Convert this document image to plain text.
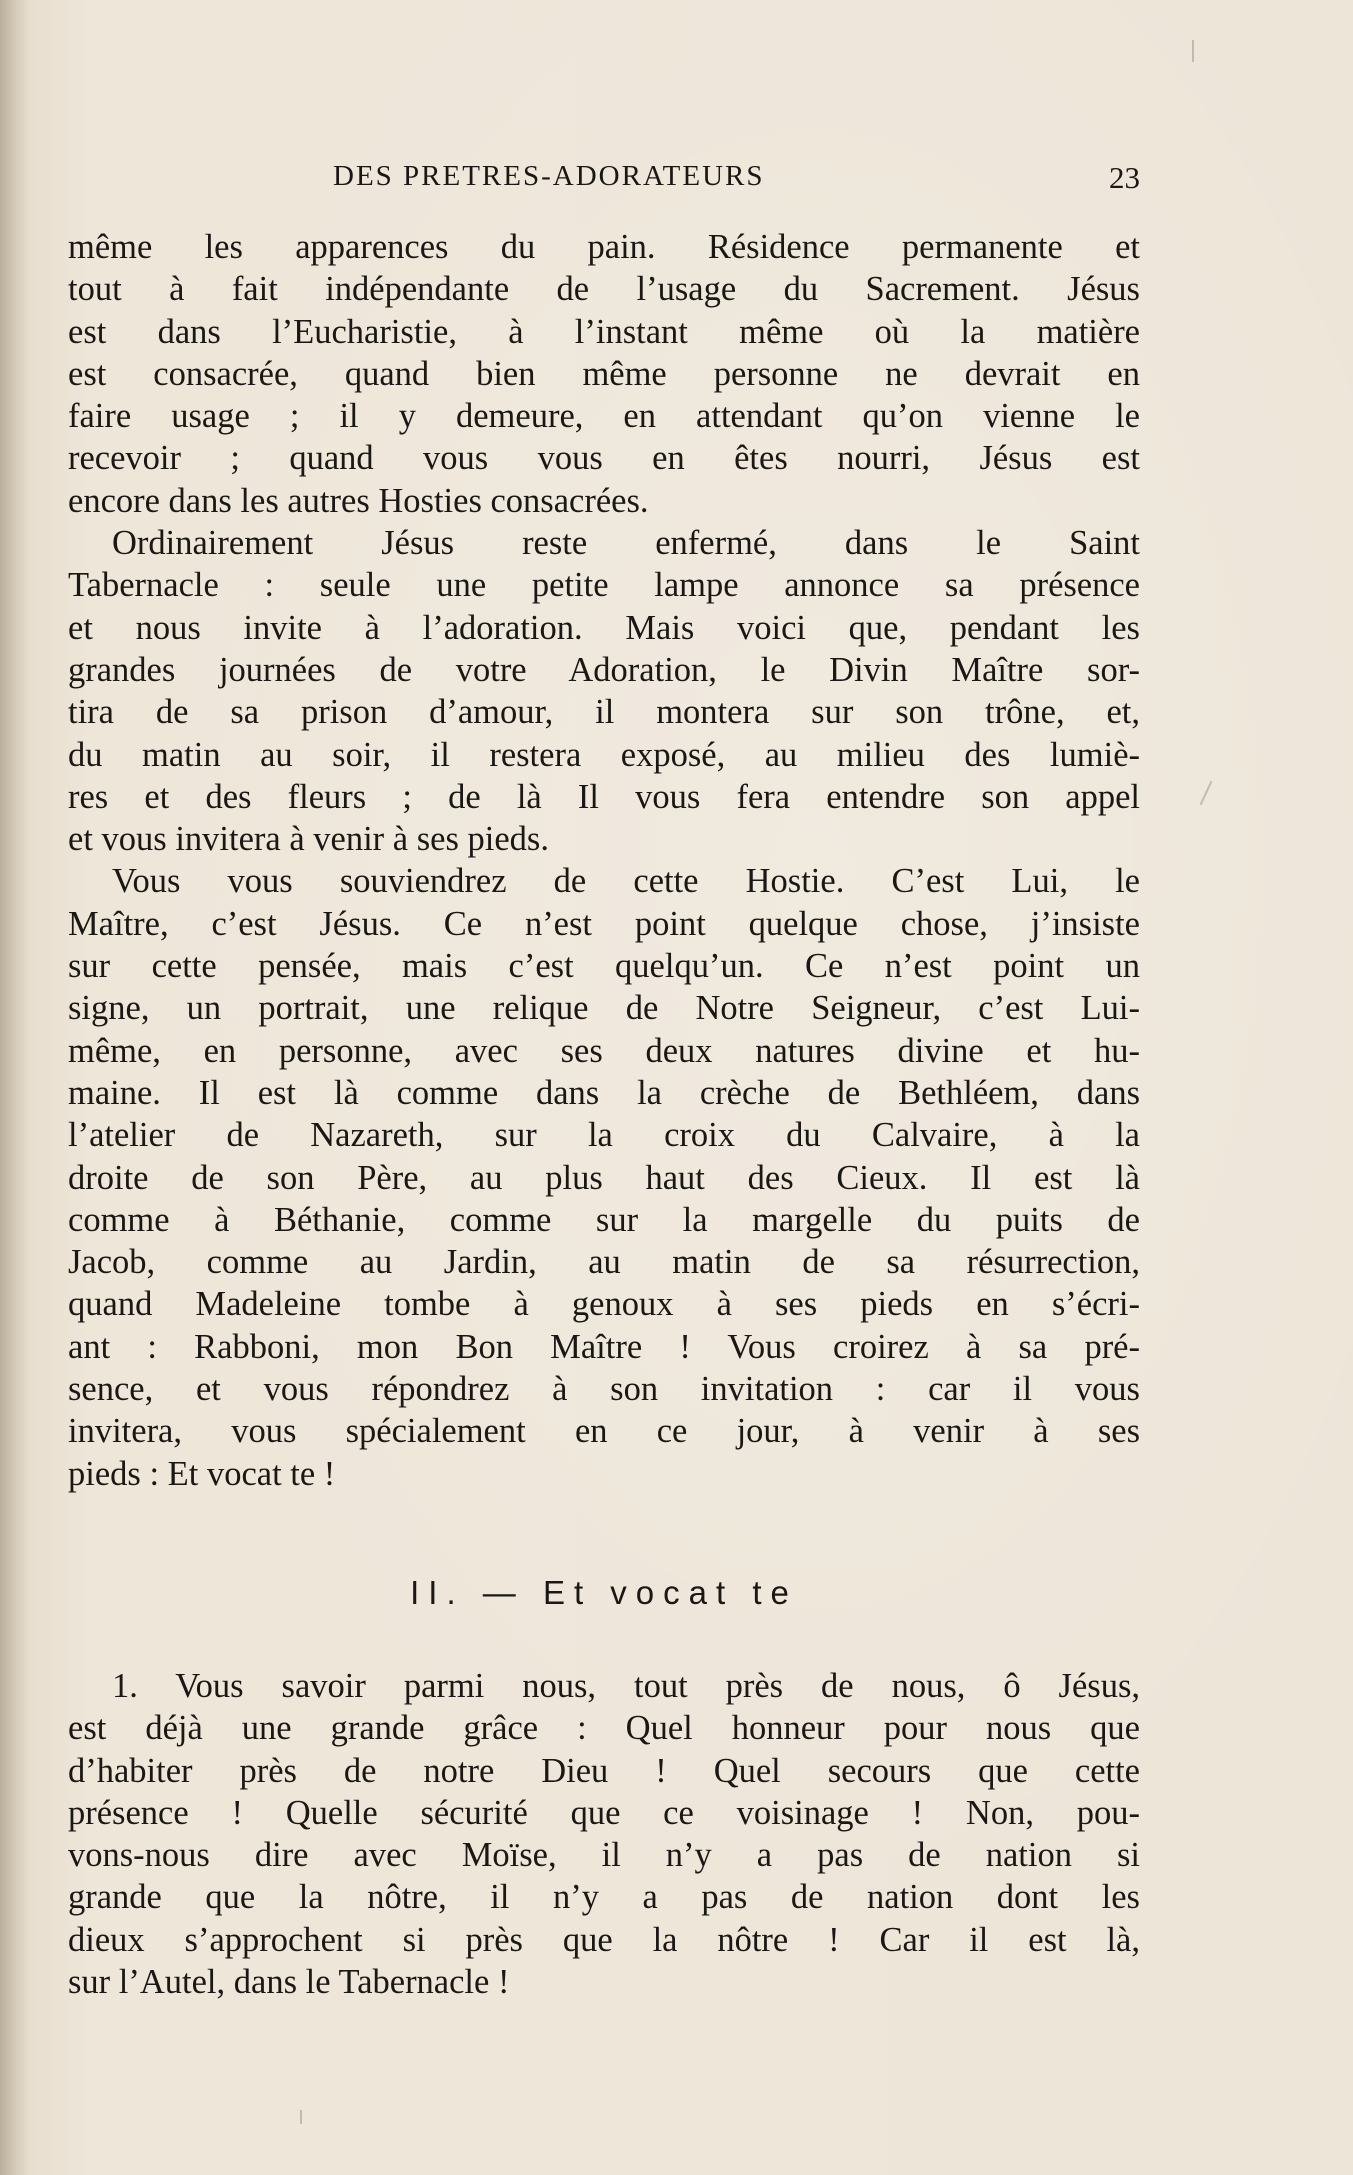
DES PRETRES-ADORATEURS	23
même les apparences du pain. Résidence permanente et
tout à fait indépendante de l’usage du Sacrement. Jésus
est dans l’Eucharistie, à l’instant même où la matière
est consacrée, quand bien même personne ne devrait en
faire usage ; il y demeure, en attendant qu’on vienne le
recevoir ; quand vous vous en êtes nourri, Jésus est
encore dans les autres Hosties consacrées.
Ordinairement Jésus reste enfermé, dans le Saint
Tabernacle : seule une petite lampe annonce sa présence
et nous invite à l’adoration. Mais voici que, pendant les
grandes journées de votre Adoration, le Divin Maître sor-
tira de sa prison d’amour, il montera sur son trône, et,
du matin au soir, il restera exposé, au milieu des lumiè-
res et des fleurs ; de là Il vous fera entendre son appel
et vous invitera à venir à ses pieds.
Vous vous souviendrez de cette Hostie. C’est Lui, le
Maître, c’est Jésus. Ce n’est point quelque chose, j’insiste
sur cette pensée, mais c’est quelqu’un. Ce n’est point un
signe, un portrait, une relique de Notre Seigneur, c’est Lui-
même, en personne, avec ses deux natures divine et hu-
maine. Il est là comme dans la crèche de Bethléem, dans
l’atelier de Nazareth, sur la croix du Calvaire, à la
droite de son Père, au plus haut des Cieux. Il est là
comme à Béthanie, comme sur la margelle du puits de
Jacob, comme au Jardin, au matin de sa résurrection,
quand Madeleine tombe à genoux à ses pieds en s’écri-
ant : Rabboni, mon Bon Maître ! Vous croirez à sa pré-
sence, et vous répondrez à son invitation : car il vous
invitera, vous spécialement en ce jour, à venir à ses
pieds : Et vocat te !
II. — Et vocat te
1. Vous savoir parmi nous, tout près de nous, ô Jésus,
est déjà une grande grâce : Quel honneur pour nous que
d’habiter près de notre Dieu ! Quel secours que cette
présence ! Quelle sécurité que ce voisinage ! Non, pou-
vons-nous dire avec Moïse, il n’y a pas de nation si
grande que la nôtre, il n’y a pas de nation dont les
dieux s’approchent si près que la nôtre ! Car il est là,
sur l’Autel, dans le Tabernacle !
